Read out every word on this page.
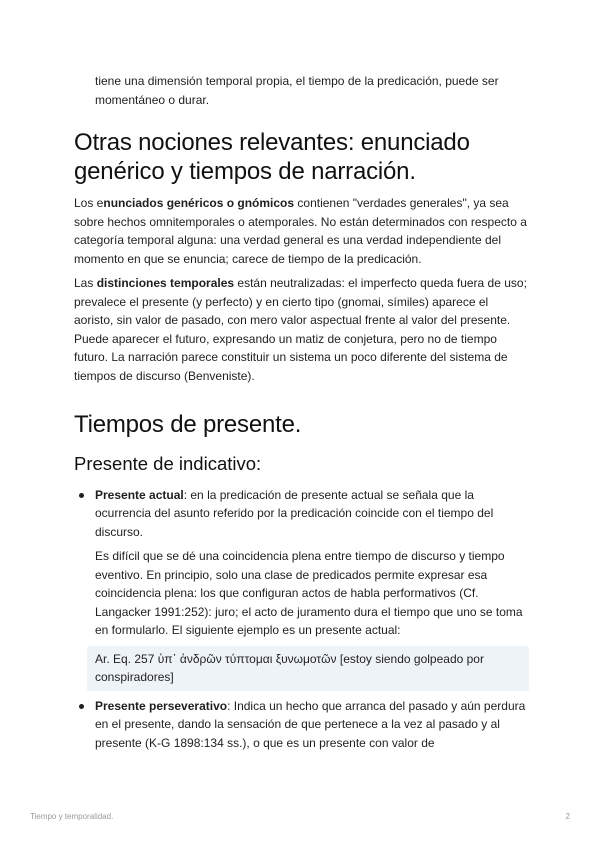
tiene una dimensión temporal propia, el tiempo de la predicación, puede ser momentáneo o durar.

Otras nociones relevantes: enunciado genérico y tiempos de narración.

Los enunciados genéricos o gnómicos contienen "verdades generales", ya sea sobre hechos omnitemporales o atemporales. No están determinados con respecto a categoría temporal alguna: una verdad general es una verdad independiente del momento en que se enuncia; carece de tiempo de la predicación.

Las distinciones temporales están neutralizadas: el imperfecto queda fuera de uso; prevalece el presente (y perfecto) y en cierto tipo (gnomai, símiles) aparece el aoristo, sin valor de pasado, con mero valor aspectual frente al valor del presente. Puede aparecer el futuro, expresando un matiz de conjetura, pero no de tiempo futuro. La narración parece constituir un sistema un poco diferente del sistema de tiempos de discurso (Benveniste).

Tiempos de presente.
Presente de indicativo:

Presente actual: en la predicación de presente actual se señala que la ocurrencia del asunto referido por la predicación coincide con el tiempo del discurso.

Es difícil que se dé una coincidencia plena entre tiempo de discurso y tiempo eventivo. En principio, solo una clase de predicados permite expresar esa coincidencia plena: los que configuran actos de habla performativos (Cf. Langacker 1991:252): juro; el acto de juramento dura el tiempo que uno se toma en formularlo. El siguiente ejemplo es un presente actual:

Ar. Eq. 257 ὑπ᾽ ἀνδρῶν τύπτομαι ξυνωμοτῶν [estoy siendo golpeado por conspiradores]

Presente perseverativo: Indica un hecho que arranca del pasado y aún perdura en el presente, dando la sensación de que pertenece a la vez al pasado y al presente (K-G 1898:134 ss.), o que es un presente con valor de

Tiempo y temporalidad.	2
